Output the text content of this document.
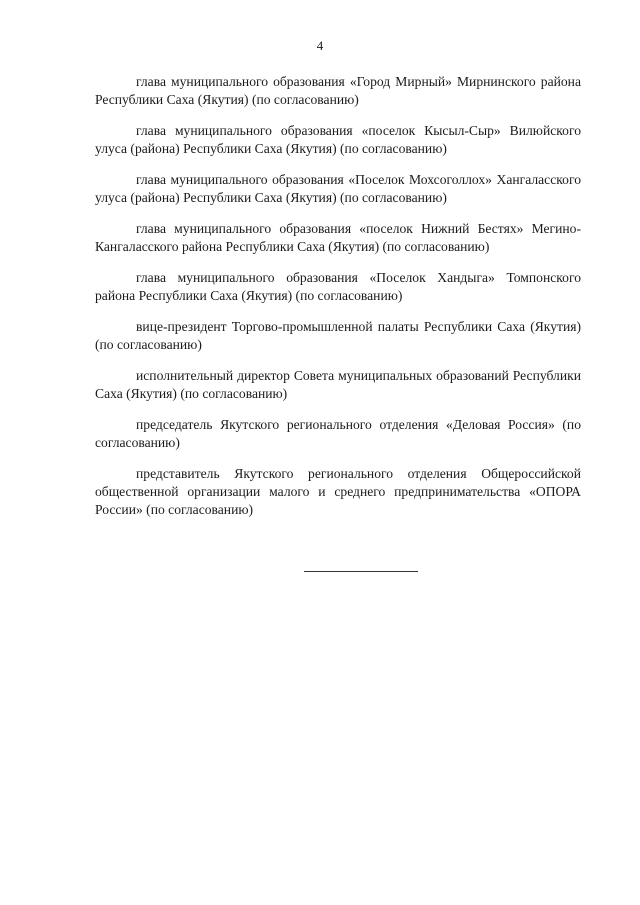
4

глава муниципального образования «Город Мирный» Мирнинского района Республики Саха (Якутия) (по согласованию)

глава муниципального образования «поселок Кысыл-Сыр» Вилюйского улуса (района) Республики Саха (Якутия) (по согласованию)

глава муниципального образования «Поселок Мохсоголлох» Хангаласского улуса (района) Республики Саха (Якутия) (по согласованию)

глава муниципального образования «поселок Нижний Бестях» Мегино-Кангаласского района Республики Саха (Якутия) (по согласованию)

глава муниципального образования «Поселок Хандыга» Томпонского района Республики Саха (Якутия) (по согласованию)

вице-президент Торгово-промышленной палаты Республики Саха (Якутия) (по согласованию)

исполнительный директор Совета муниципальных образований Республики Саха (Якутия) (по согласованию)

председатель Якутского регионального отделения «Деловая Россия» (по согласованию)

представитель Якутского регионального отделения Общероссийской общественной организации малого и среднего предпринимательства «ОПОРА России» (по согласованию)
